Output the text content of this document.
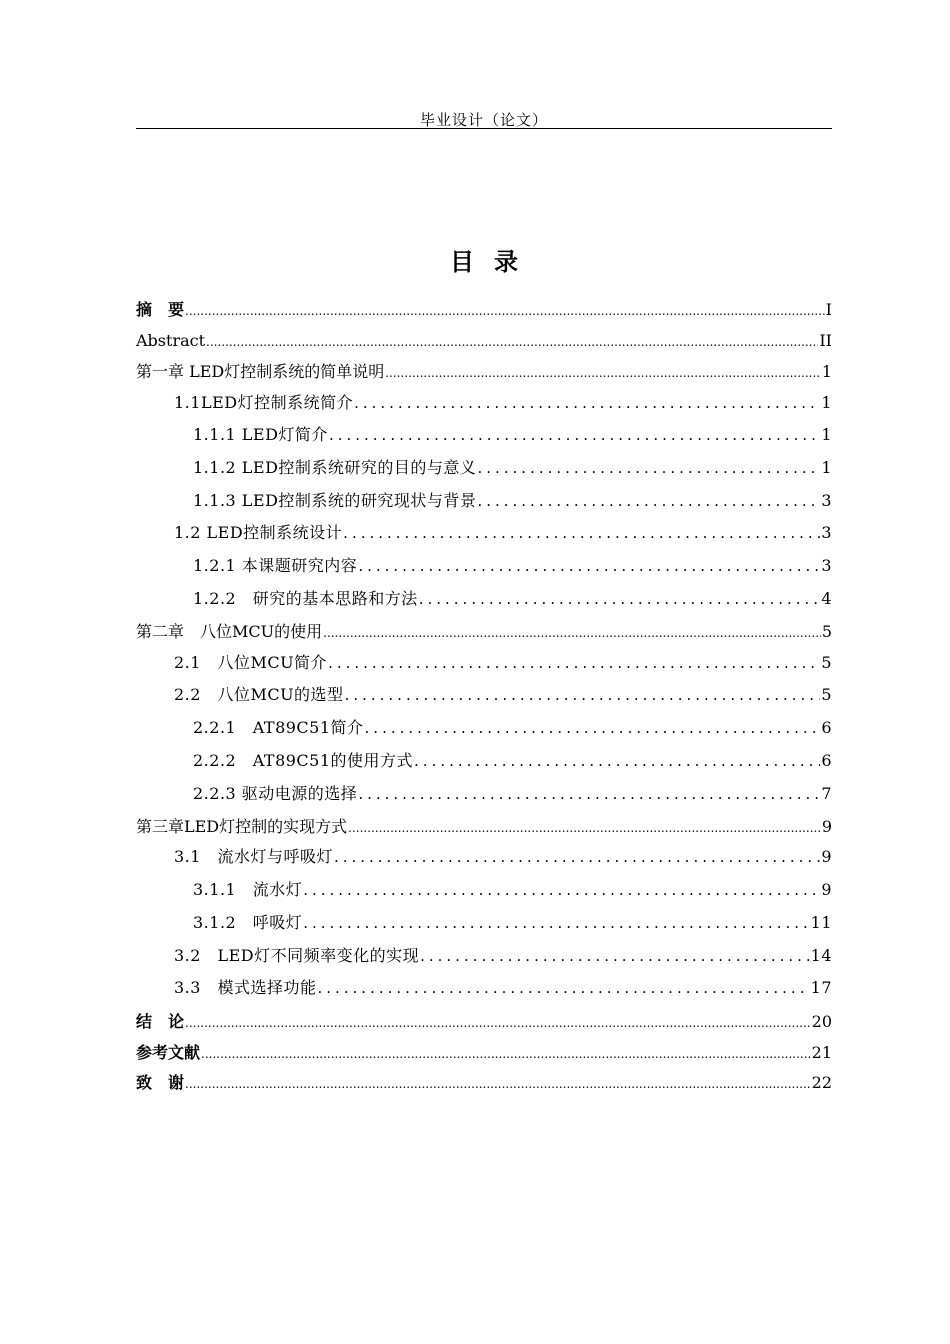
毕业设计（论文）
目录
摘　要 .....	I
Abstract .....	II
第一章 LED灯控制系统的简单说明 .....	1
1.1LED灯控制系统简介 .....	1
1.1.1 LED灯简介 .....	1
1.1.2 LED控制系统研究的目的与意义 .....	1
1.1.3 LED控制系统的研究现状与背景 .....	3
1.2 LED控制系统设计 .....	3
1.2.1 本课题研究内容 .....	3
1.2.2　研究的基本思路和方法 .....	4
第二章　八位MCU的使用 .....	5
2.1　八位MCU简介 .....	5
2.2　八位MCU的选型 .....	5
2.2.1　AT89C51简介 .....	6
2.2.2　AT89C51的使用方式 .....	6
2.2.3 驱动电源的选择 .....	7
第三章LED灯控制的实现方式 .....	9
3.1　流水灯与呼吸灯 .....	9
3.1.1　流水灯 .....	9
3.1.2　呼吸灯 .....	11
3.2　LED灯不同频率变化的实现 .....	14
3.3　模式选择功能 .....	17
结　论 .....	20
参考文献 .....	21
致　谢 .....	22
